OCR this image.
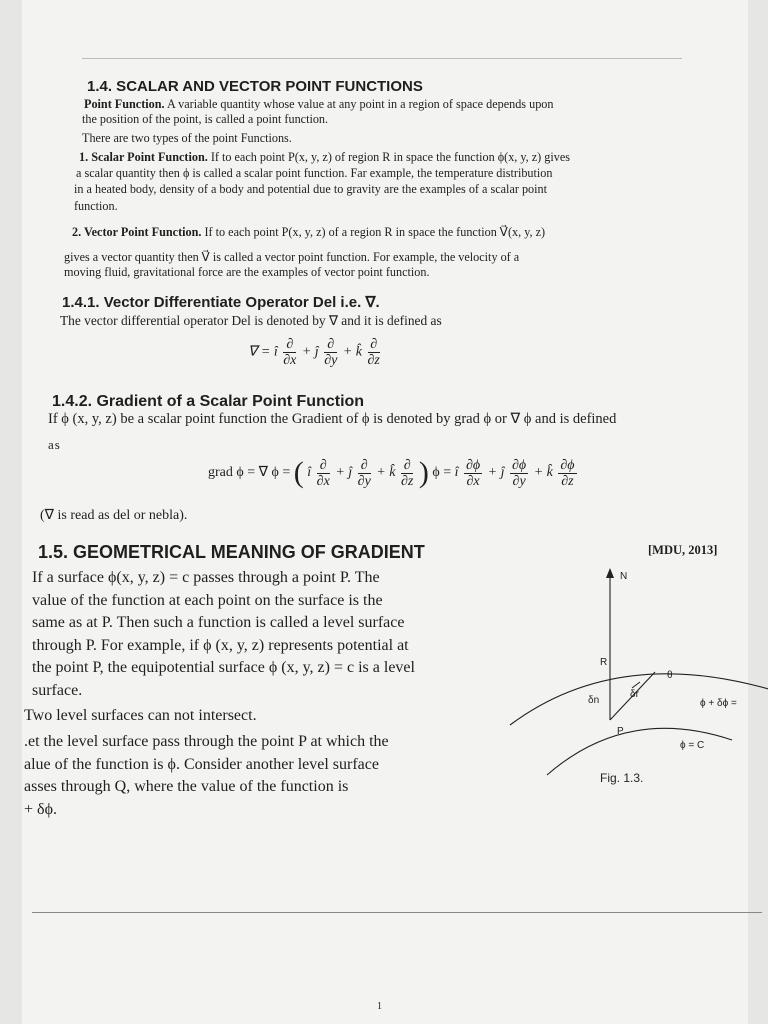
1.4. SCALAR AND VECTOR POINT FUNCTIONS
Point Function. A variable quantity whose value at any point in a region of space depends upon
the position of the point, is called a point function.
There are two types of the point Functions.
1. Scalar Point Function. If to each point P(x, y, z) of region R in space the function ϕ(x, y, z) gives
a scalar quantity then ϕ is called a scalar point function. Far example, the temperature distribution
in a heated body, density of a body and potential due to gravity are the examples of a scalar point
function.
2. Vector Point Function. If to each point P(x, y, z) of a region R in space the function V⃗(x, y, z)
gives a vector quantity then V⃗ is called a vector point function. For example, the velocity of a
moving fluid, gravitational force are the examples of vector point function.
1.4.1. Vector Differentiate Operator Del i.e. ∇.
The vector differential operator Del is denoted by ∇ and it is defined as
∇ = î $\frac{\partial}{\partial x}$ + ĵ $\frac{\partial}{\partial y}$ + k̂ $\frac{\partial}{\partial z}$
1.4.2. Gradient of a Scalar Point Function
If ϕ (x, y, z) be a scalar point function the Gradient of ϕ is denoted by grad ϕ or ∇ ϕ and is defined
as
grad ϕ = ∇ ϕ = ( î $\frac{\partial}{\partial x}$ + ĵ $\frac{\partial}{\partial y}$ + k̂ $\frac{\partial}{\partial z}$ ) ϕ = î $\frac{\partial\phi}{\partial x}$ + ĵ $\frac{\partial\phi}{\partial y}$ + k̂ $\frac{\partial\phi}{\partial z}$
(∇ is read as del or nebla).
1.5. GEOMETRICAL MEANING OF GRADIENT	[MDU, 2013]
If a surface ϕ(x, y, z) = c passes through a point P. The
value of the function at each point on the surface is the
same as at P. Then such a function is called a level surface
through P. For example, if ϕ (x, y, z) represents potential at
the point P, the equipotential surface ϕ (x, y, z) = c is a level
surface.
Two level surfaces can not intersect.
.et the level surface pass through the point P at which the
alue of the function is ϕ. Consider another level surface
asses through Q, where the value of the function is
+ δϕ.
N
R
P
θ
δn
δr
ϕ + δϕ =
ϕ = C
Fig. 1.3.
1
